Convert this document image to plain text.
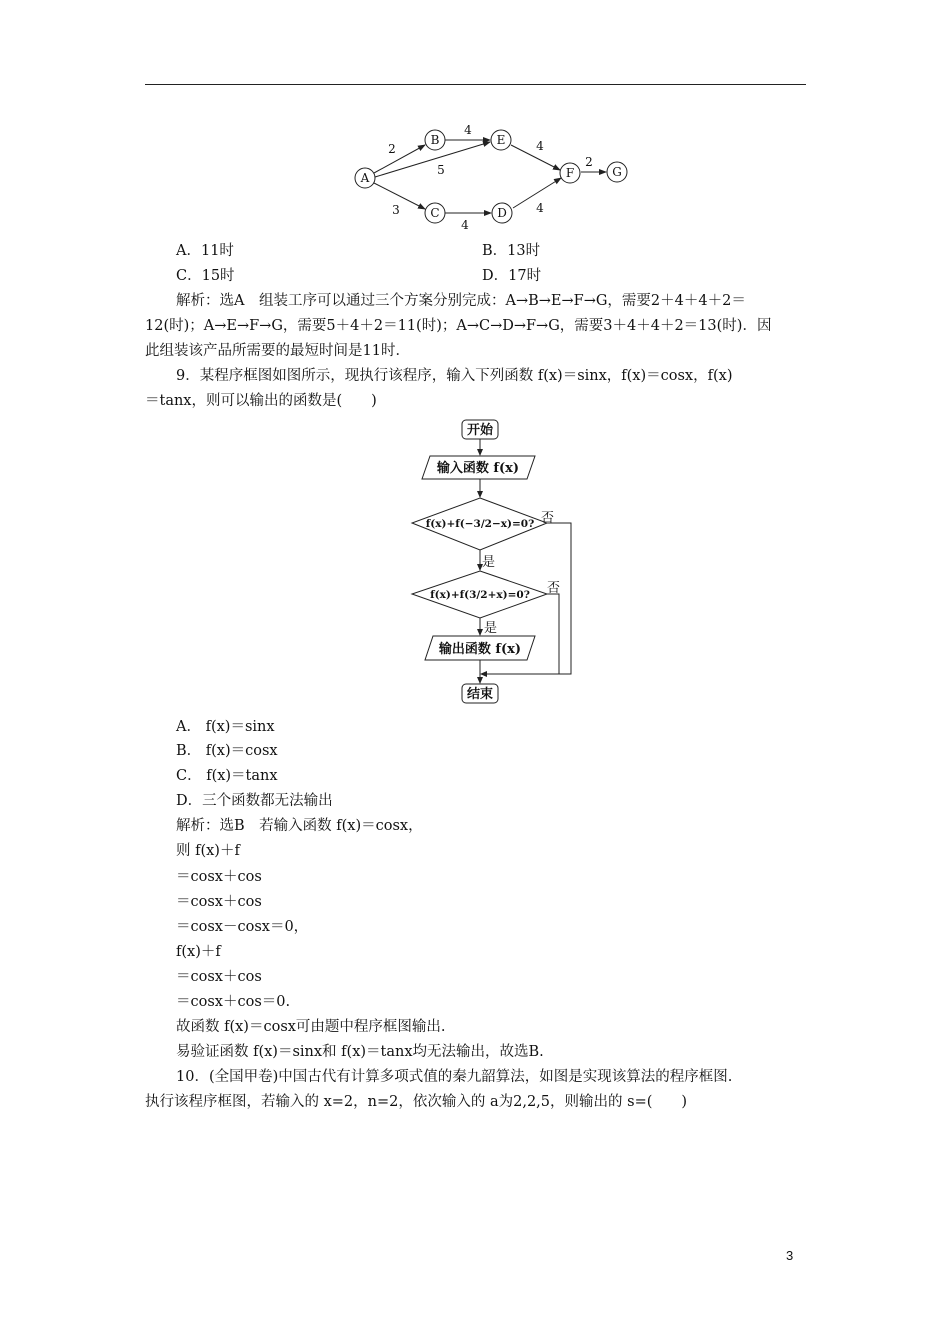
A
B	E
F	G
C	D
2
4
5
4
2
3
4
4
A．11时	B．13时
C．15时	D．17时
解析：选A　组装工序可以通过三个方案分别完成：A→B→E→F→G，需要2＋4＋4＋2＝
12(时)；A→E→F→G，需要5＋4＋2＝11(时)；A→C→D→F→G，需要3＋4＋4＋2＝13(时)．因
此组装该产品所需要的最短时间是11时．
9．某程序框图如图所示，现执行该程序，输入下列函数 f(x)＝sinx，f(x)＝cosx，f(x)
＝tanx，则可以输出的函数是(　　)
开始
输入函数 f(x)
输出函数 f(x)
结束
f(x)+f(−3/2−x)=0?
f(x)+f(3/2+x)=0?
是
是
否
否
A． f(x)＝sinx
B． f(x)＝cosx
C． f(x)＝tanx
D．三个函数都无法输出
解析：选B　若输入函数 f(x)＝cosx，
则 f(x)＋f
＝cosx＋cos
＝cosx＋cos
＝cosx－cosx＝0，
f(x)＋f
＝cosx＋cos
＝cosx＋cos＝0.
故函数 f(x)＝cosx可由题中程序框图输出.
易验证函数 f(x)＝sinx和 f(x)＝tanx均无法输出，故选B.
10．(全国甲卷)中国古代有计算多项式值的秦九韶算法，如图是实现该算法的程序框图.
执行该程序框图，若输入的 x=2，n=2，依次输入的 a为2,2,5，则输出的 s=(　　)
3
